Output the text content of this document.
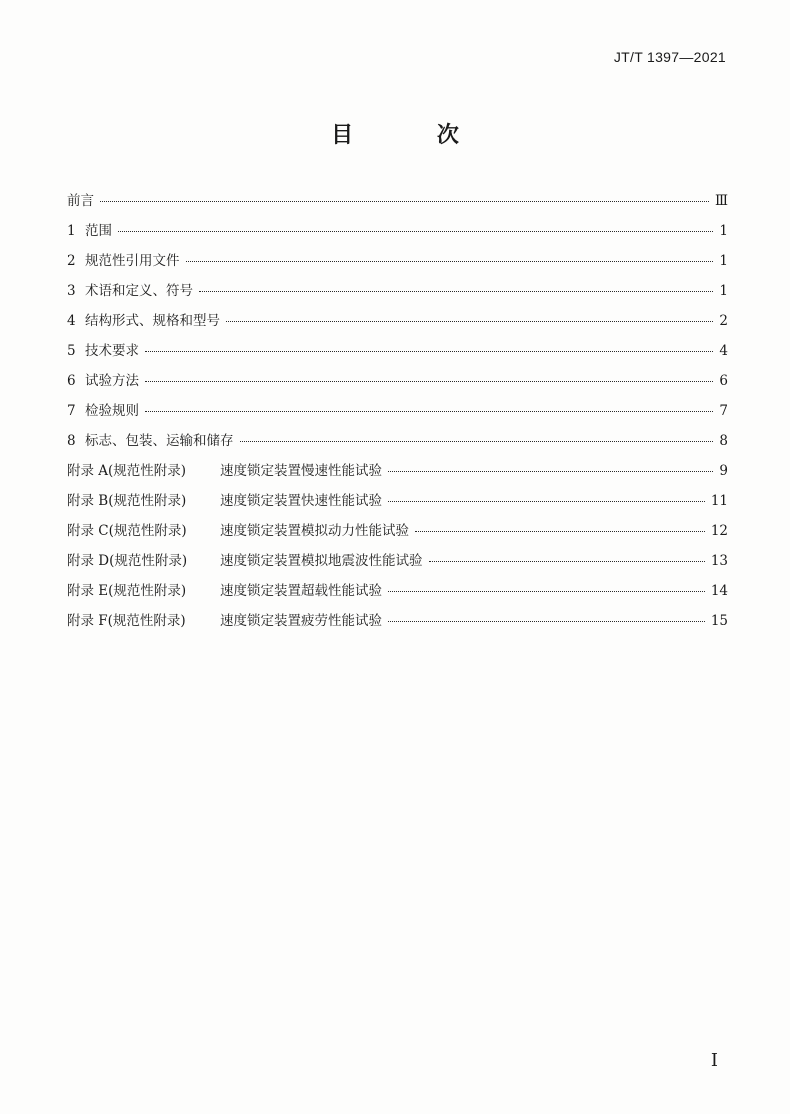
JT/T 1397—2021
目 次
前言	Ⅲ
1 范围	1
2 规范性引用文件	1
3 术语和定义、符号	1
4 结构形式、规格和型号	2
5 技术要求	4
6 试验方法	6
7 检验规则	7
8 标志、包装、运输和储存	8
附录 A(规范性附录)	速度锁定装置慢速性能试验	9
附录 B(规范性附录)	速度锁定装置快速性能试验	11
附录 C(规范性附录)	速度锁定装置模拟动力性能试验	12
附录 D(规范性附录)	速度锁定装置模拟地震波性能试验	13
附录 E(规范性附录)	速度锁定装置超载性能试验	14
附录 F(规范性附录)	速度锁定装置疲劳性能试验	15
I
